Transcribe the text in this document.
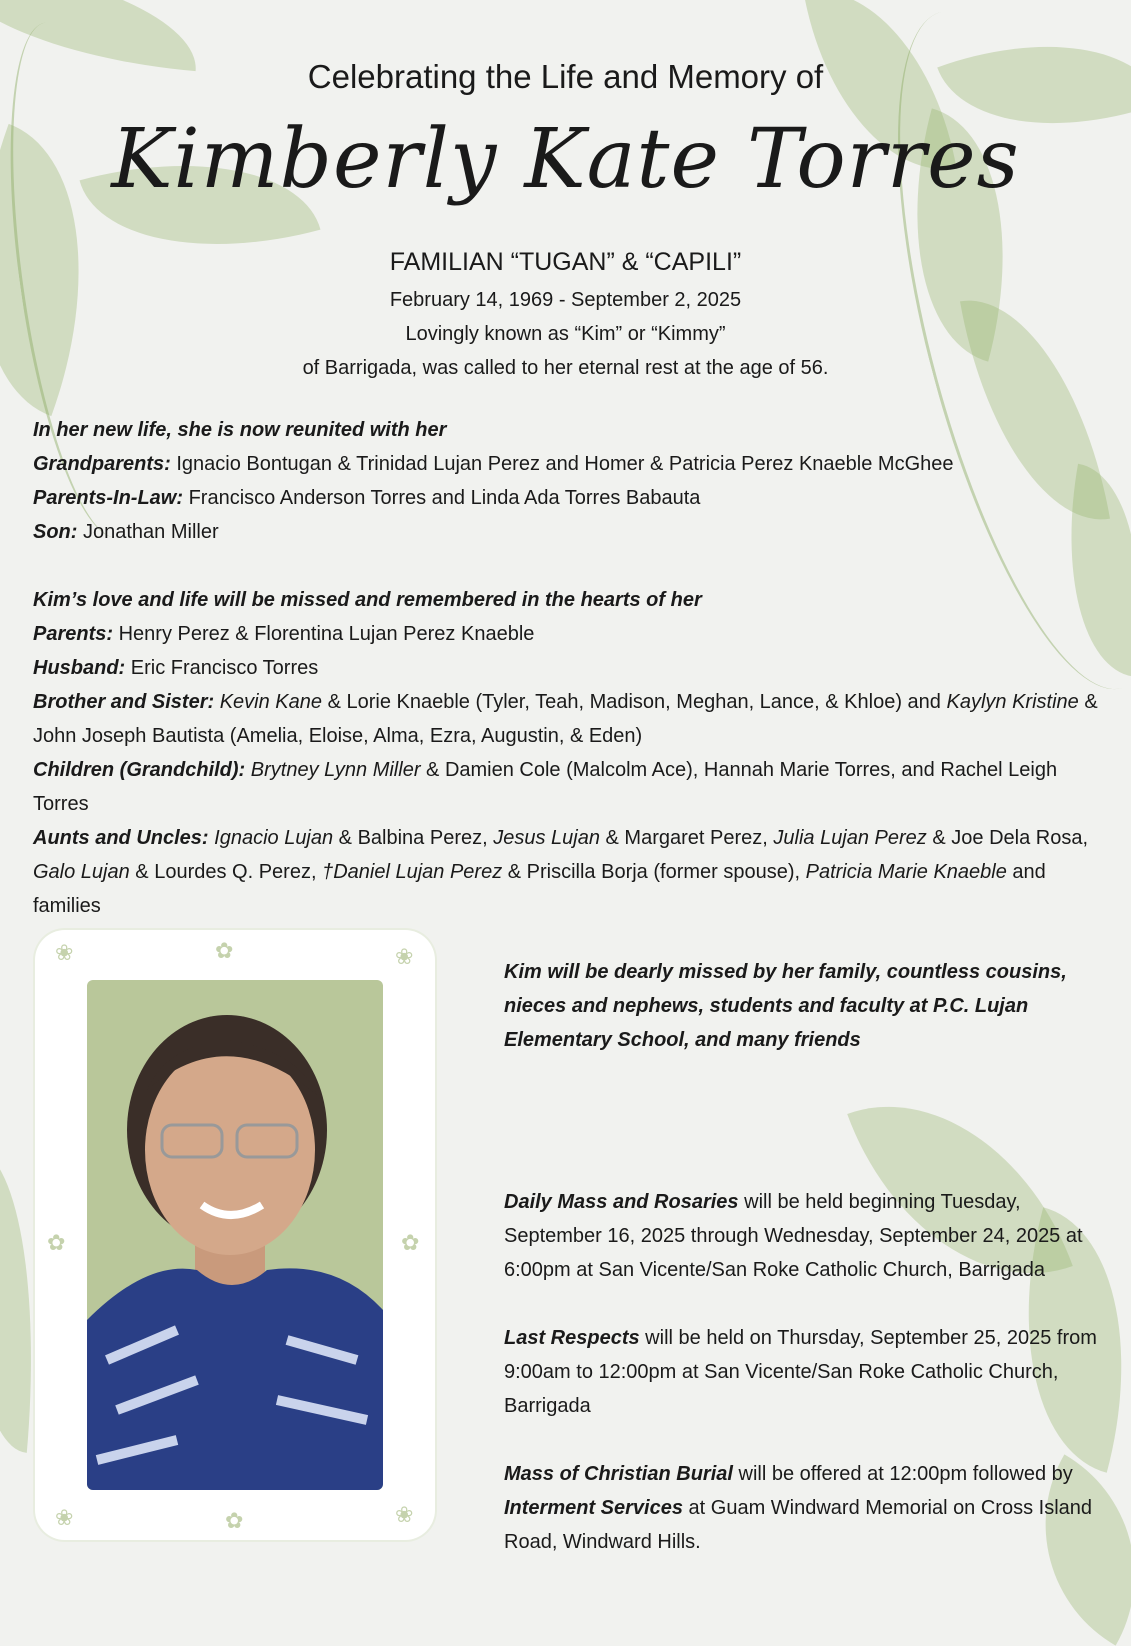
Celebrating the Life and Memory of
Kimberly Kate Torres
FAMILIAN “TUGAN” & “CAPILI”
February 14, 1969 - September 2, 2025
Lovingly known as “Kim” or “Kimmy”
of Barrigada, was called to her eternal rest at the age of 56.

In her new life, she is now reunited with her

Grandparents: Ignacio Bontugan & Trinidad Lujan Perez and Homer & Patricia Perez Knaeble McGhee

Parents-In-Law: Francisco Anderson Torres and Linda Ada Torres Babauta

Son: Jonathan Miller

Kim’s love and life will be missed and remembered in the hearts of her

Parents: Henry Perez & Florentina Lujan Perez Knaeble

Husband: Eric Francisco Torres

Brother and Sister: Kevin Kane & Lorie Knaeble (Tyler, Teah, Madison, Meghan, Lance, & Khloe) and Kaylyn Kristine & John Joseph Bautista (Amelia, Eloise, Alma, Ezra, Augustin, & Eden)

Children (Grandchild): Brytney Lynn Miller & Damien Cole (Malcolm Ace), Hannah Marie Torres, and Rachel Leigh Torres

Aunts and Uncles: Ignacio Lujan & Balbina Perez, Jesus Lujan & Margaret Perez, Julia Lujan Perez & Joe Dela Rosa, Galo Lujan & Lourdes Q. Perez, †Daniel Lujan Perez & Priscilla Borja (former spouse), Patricia Marie Knaeble and families

❀	✿	❀
✿	✿
❀	✿	❀

Kim will be dearly missed by her family, countless cousins, nieces and nephews, students and faculty at P.C. Lujan Elementary School, and many friends

Daily Mass and Rosaries will be held beginning Tuesday, September 16, 2025 through Wednesday, September 24, 2025 at 6:00pm at San Vicente/San Roke Catholic Church, Barrigada

Last Respects will be held on Thursday, September 25, 2025 from 9:00am to 12:00pm at San Vicente/San Roke Catholic Church, Barrigada

Mass of Christian Burial will be offered at 12:00pm followed by Interment Services at Guam Windward Memorial on Cross Island Road, Windward Hills.
